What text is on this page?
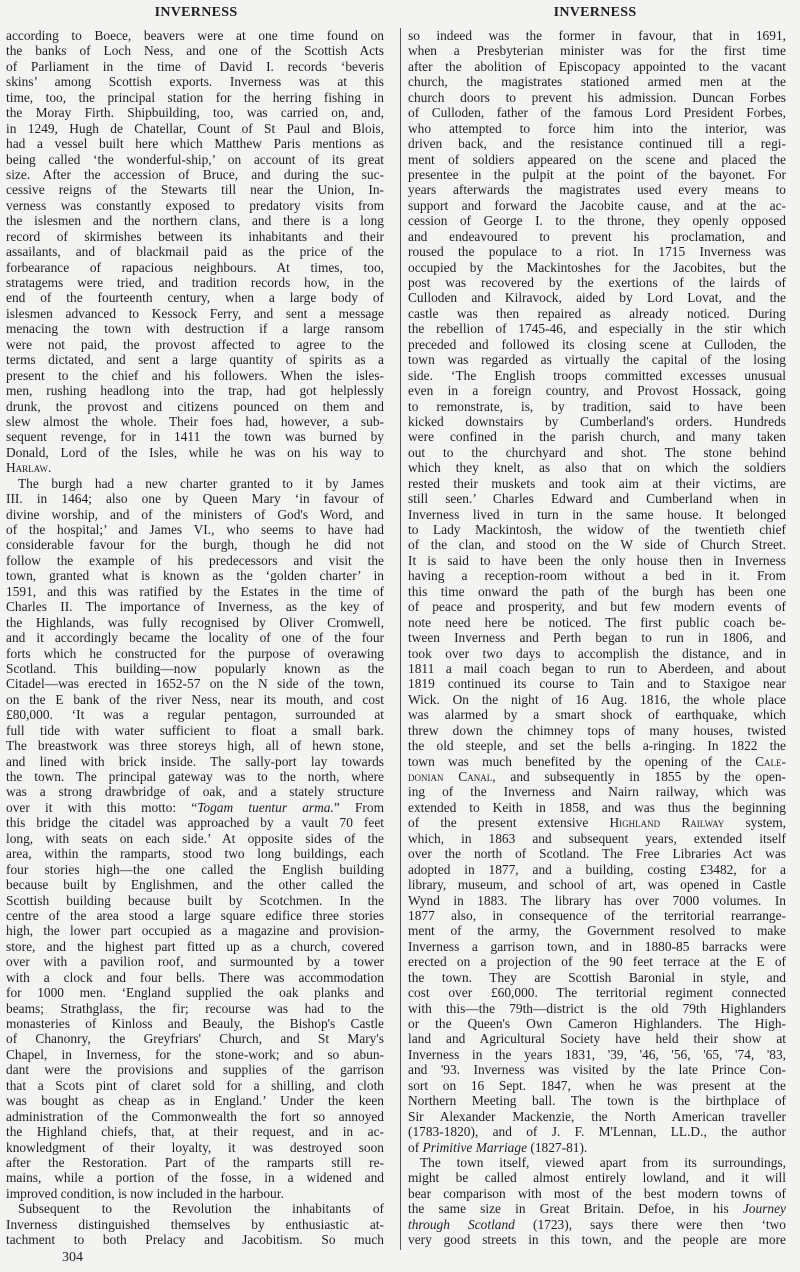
INVERNESS	INVERNESS
according to Boece, beavers were at one time found on
the banks of Loch Ness, and one of the Scottish Acts
of Parliament in the time of David I. records ‘beveris
skins’ among Scottish exports. Inverness was at this
time, too, the principal station for the herring fishing in
the Moray Firth. Shipbuilding, too, was carried on, and,
in 1249, Hugh de Chatellar, Count of St Paul and Blois,
had a vessel built here which Matthew Paris mentions as
being called ‘the wonderful-ship,’ on account of its great
size. After the accession of Bruce, and during the suc-
cessive reigns of the Stewarts till near the Union, In-
verness was constantly exposed to predatory visits from
the islesmen and the northern clans, and there is a long
record of skirmishes between its inhabitants and their
assailants, and of blackmail paid as the price of the
forbearance of rapacious neighbours. At times, too,
stratagems were tried, and tradition records how, in the
end of the fourteenth century, when a large body of
islesmen advanced to Kessock Ferry, and sent a message
menacing the town with destruction if a large ransom
were not paid, the provost affected to agree to the
terms dictated, and sent a large quantity of spirits as a
present to the chief and his followers. When the isles-
men, rushing headlong into the trap, had got helplessly
drunk, the provost and citizens pounced on them and
slew almost the whole. Their foes had, however, a sub-
sequent revenge, for in 1411 the town was burned by
Donald, Lord of the Isles, while he was on his way to
Harlaw.
The burgh had a new charter granted to it by James
III. in 1464; also one by Queen Mary ‘in favour of
divine worship, and of the ministers of God's Word, and
of the hospital;’ and James VI., who seems to have had
considerable favour for the burgh, though he did not
follow the example of his predecessors and visit the
town, granted what is known as the ‘golden charter’ in
1591, and this was ratified by the Estates in the time of
Charles II. The importance of Inverness, as the key of
the Highlands, was fully recognised by Oliver Cromwell,
and it accordingly became the locality of one of the four
forts which he constructed for the purpose of overawing
Scotland. This building—now popularly known as the
Citadel—was erected in 1652-57 on the N side of the town,
on the E bank of the river Ness, near its mouth, and cost
£80,000. ‘It was a regular pentagon, surrounded at
full tide with water sufficient to float a small bark.
The breastwork was three storeys high, all of hewn stone,
and lined with brick inside. The sally-port lay towards
the town. The principal gateway was to the north, where
was a strong drawbridge of oak, and a stately structure
over it with this motto: “Togam tuentur arma.” From
this bridge the citadel was approached by a vault 70 feet
long, with seats on each side.’ At opposite sides of the
area, within the ramparts, stood two long buildings, each
four stories high—the one called the English building
because built by Englishmen, and the other called the
Scottish building because built by Scotchmen. In the
centre of the area stood a large square edifice three stories
high, the lower part occupied as a magazine and provision-
store, and the highest part fitted up as a church, covered
over with a pavilion roof, and surmounted by a tower
with a clock and four bells. There was accommodation
for 1000 men. ‘England supplied the oak planks and
beams; Strathglass, the fir; recourse was had to the
monasteries of Kinloss and Beauly, the Bishop's Castle
of Chanonry, the Greyfriars' Church, and St Mary's
Chapel, in Inverness, for the stone-work; and so abun-
dant were the provisions and supplies of the garrison
that a Scots pint of claret sold for a shilling, and cloth
was bought as cheap as in England.’ Under the keen
administration of the Commonwealth the fort so annoyed
the Highland chiefs, that, at their request, and in ac-
knowledgment of their loyalty, it was destroyed soon
after the Restoration. Part of the ramparts still re-
mains, while a portion of the fosse, in a widened and
improved condition, is now included in the harbour.
Subsequent to the Revolution the inhabitants of
Inverness distinguished themselves by enthusiastic at-
tachment to both Prelacy and Jacobitism. So much
so indeed was the former in favour, that in 1691,
when a Presbyterian minister was for the first time
after the abolition of Episcopacy appointed to the vacant
church, the magistrates stationed armed men at the
church doors to prevent his admission. Duncan Forbes
of Culloden, father of the famous Lord President Forbes,
who attempted to force him into the interior, was
driven back, and the resistance continued till a regi-
ment of soldiers appeared on the scene and placed the
presentee in the pulpit at the point of the bayonet. For
years afterwards the magistrates used every means to
support and forward the Jacobite cause, and at the ac-
cession of George I. to the throne, they openly opposed
and endeavoured to prevent his proclamation, and
roused the populace to a riot. In 1715 Inverness was
occupied by the Mackintoshes for the Jacobites, but the
post was recovered by the exertions of the lairds of
Culloden and Kilravock, aided by Lord Lovat, and the
castle was then repaired as already noticed. During
the rebellion of 1745-46, and especially in the stir which
preceded and followed its closing scene at Culloden, the
town was regarded as virtually the capital of the losing
side. ‘The English troops committed excesses unusual
even in a foreign country, and Provost Hossack, going
to remonstrate, is, by tradition, said to have been
kicked downstairs by Cumberland's orders. Hundreds
were confined in the parish church, and many taken
out to the churchyard and shot. The stone behind
which they knelt, as also that on which the soldiers
rested their muskets and took aim at their victims, are
still seen.’ Charles Edward and Cumberland when in
Inverness lived in turn in the same house. It belonged
to Lady Mackintosh, the widow of the twentieth chief
of the clan, and stood on the W side of Church Street.
It is said to have been the only house then in Inverness
having a reception-room without a bed in it. From
this time onward the path of the burgh has been one
of peace and prosperity, and but few modern events of
note need here be noticed. The first public coach be-
tween Inverness and Perth began to run in 1806, and
took over two days to accomplish the distance, and in
1811 a mail coach began to run to Aberdeen, and about
1819 continued its course to Tain and to Staxigoe near
Wick. On the night of 16 Aug. 1816, the whole place
was alarmed by a smart shock of earthquake, which
threw down the chimney tops of many houses, twisted
the old steeple, and set the bells a-ringing. In 1822 the
town was much benefited by the opening of the Cale-
donian Canal, and subsequently in 1855 by the open-
ing of the Inverness and Nairn railway, which was
extended to Keith in 1858, and was thus the beginning
of the present extensive Highland Railway system,
which, in 1863 and subsequent years, extended itself
over the north of Scotland. The Free Libraries Act was
adopted in 1877, and a building, costing £3482, for a
library, museum, and school of art, was opened in Castle
Wynd in 1883. The library has over 7000 volumes. In
1877 also, in consequence of the territorial rearrange-
ment of the army, the Government resolved to make
Inverness a garrison town, and in 1880-85 barracks were
erected on a projection of the 90 feet terrace at the E of
the town. They are Scottish Baronial in style, and
cost over £60,000. The territorial regiment connected
with this—the 79th—district is the old 79th Highlanders
or the Queen's Own Cameron Highlanders. The High-
land and Agricultural Society have held their show at
Inverness in the years 1831, '39, '46, '56, '65, '74, '83,
and '93. Inverness was visited by the late Prince Con-
sort on 16 Sept. 1847, when he was present at the
Northern Meeting ball. The town is the birthplace of
Sir Alexander Mackenzie, the North American traveller
(1783-1820), and of J. F. M'Lennan, LL.D., the author
of Primitive Marriage (1827-81).
The town itself, viewed apart from its surroundings,
might be called almost entirely lowland, and it will
bear comparison with most of the best modern towns of
the same size in Great Britain. Defoe, in his Journey
through Scotland (1723), says there were then ‘two
very good streets in this town, and the people are more
304
